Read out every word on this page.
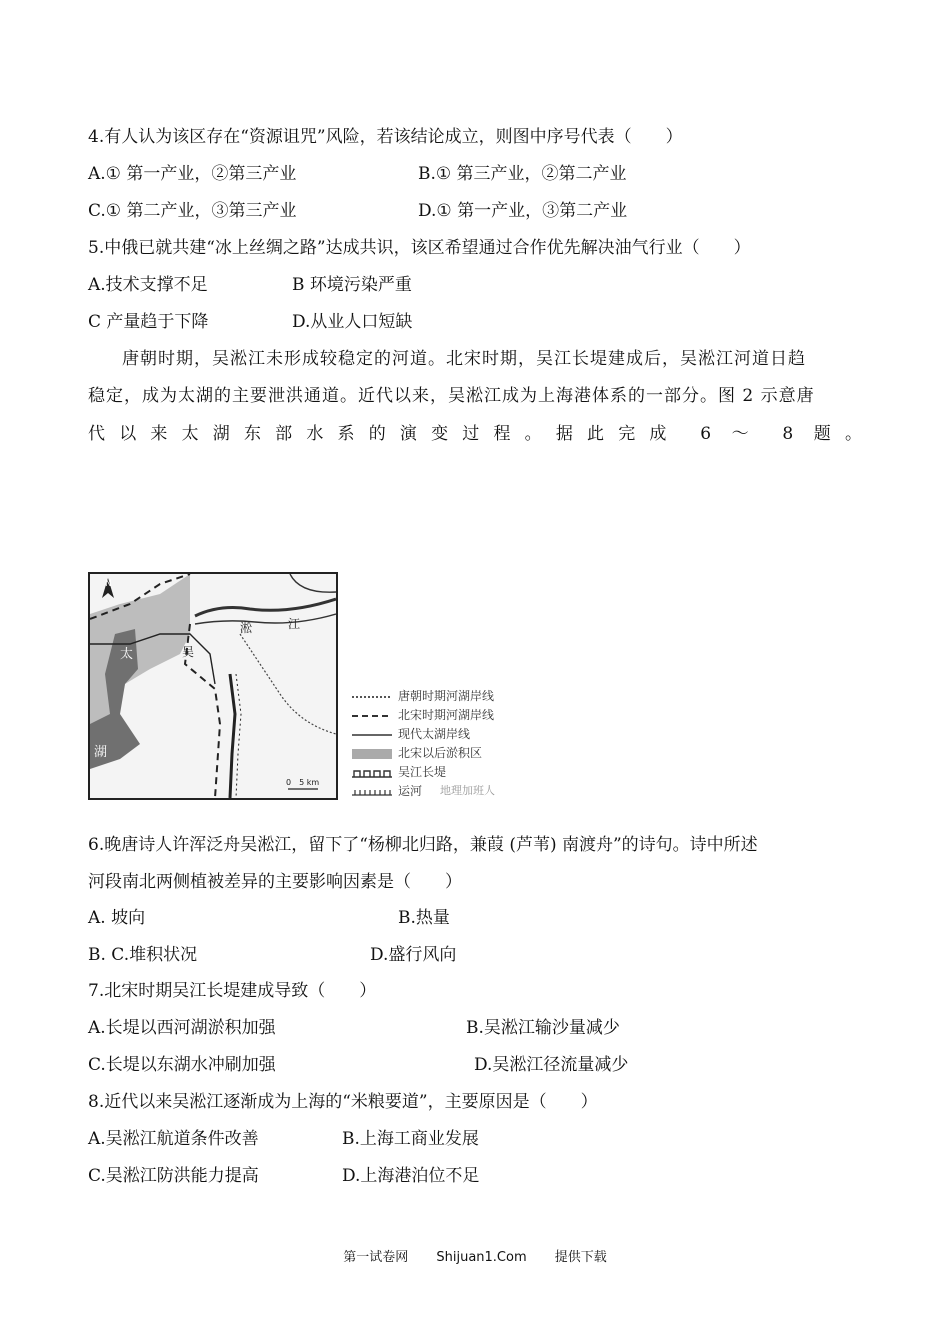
4.有人认为该区存在“资源诅咒”风险，若该结论成立，则图中序号代表（　　）
A.① 第一产业，②第三产业	B.① 第三产业，②第二产业
C.① 第二产业，③第三产业	D.① 第一产业，③第二产业
5.中俄已就共建“冰上丝绸之路”达成共识，该区希望通过合作优先解决油气行业（　　）
A.技术支撑不足	B 环境污染严重
C 产量趋于下降	D.从业人口短缺
唐朝时期，吴淞江未形成较稳定的河道。北宋时期，吴江长堤建成后，吴淞江河道日趋
稳定，成为太湖的主要泄洪通道。近代以来，吴淞江成为上海港体系的一部分。图 2 示意唐
代以来太湖东部水系的演变过程。据此完成 6 ～ 8 题。
N
太
湖
吴
淞	江
0　5 km
唐朝时期河湖岸线
北宋时期河湖岸线
现代太湖岸线
北宋以后淤积区
吴江长堤
运河 地理加班人
6.晚唐诗人许浑泛舟吴淞江，留下了“杨柳北归路，兼葭 (芦苇) 南渡舟”的诗句。诗中所述
河段南北两侧植被差异的主要影响因素是（　　）
A. 坡向	B.热量
B. C.堆积状况	D.盛行风向
7.北宋时期吴江长堤建成导致（　　）
A.长堤以西河湖淤积加强	B.吴淞江输沙量减少
C.长堤以东湖水冲刷加强	D.吴淞江径流量减少
8.近代以来吴淞江逐渐成为上海的“米粮要道”，主要原因是（　　）
A.吴淞江航道条件改善	B.上海工商业发展
C.吴淞江防洪能力提高	D.上海港泊位不足
第一试卷网 Shijuan1.Com 提供下载
